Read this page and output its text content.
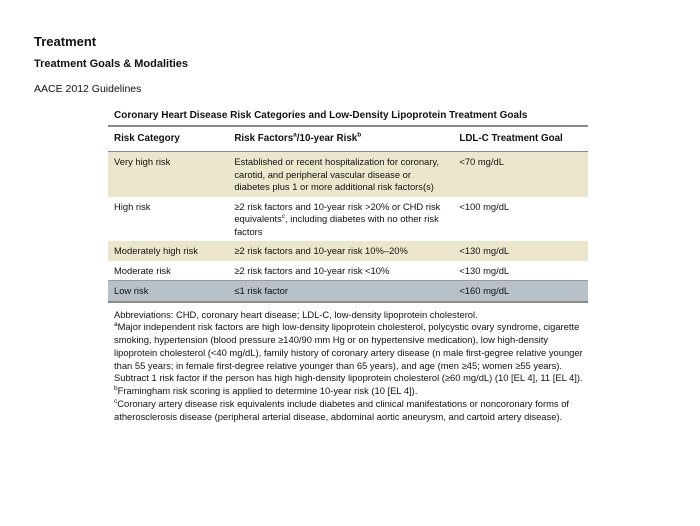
Treatment
Treatment Goals & Modalities
AACE 2012 Guidelines
Coronary Heart Disease Risk Categories and Low-Density Lipoprotein Treatment Goals
Risk Category	Risk Factors$^a$/10-year Risk$^b$	LDL-C Treatment Goal
Very high risk	Established or recent hospitalization for coronary, carotid, and peripheral vascular disease or diabetes plus 1 or more additional risk factors(s)	<70 mg/dL
High risk	≥2 risk factors and 10-year risk >20% or CHD risk equivalents$^c$, including diabetes with no other risk factors	<100 mg/dL
Moderately high risk	≥2 risk factors and 10-year risk 10%–20%	<130 mg/dL
Moderate risk	≥2 risk factors and 10-year risk <10%	<130 mg/dL
Low risk	≤1 risk factor	<160 mg/dL

Abbreviations: CHD, coronary heart disease; LDL-C, low-density lipoprotein cholesterol.

$^a$Major independent risk factors are high low-density lipoprotein cholesterol, polycystic ovary syndrome, cigarette smoking, hypertension (blood pressure ≥140/90 mm Hg or on hypertensive medication), low high-density lipoprotein cholesterol (<40 mg/dL), family history of coronary artery disease (n male first-gegree relative younger than 55 years; in female first-degree relative younger than 65 years), and age (men ≥45; women ≥55 years). Subtract 1 risk factor if the person has high high-density lipoprotein cholesterol (≥60 mg/dL) (10 [EL 4], 11 [EL 4]).

$^b$Framingham risk scoring is applied to determine 10-year risk (10 [EL 4]).

$^c$Coronary artery disease risk equivalents include diabetes and clinical manifestations or noncoronary forms of atherosclerosis disease (peripheral arterial disease, abdominal aortic aneurysm, and cartoid artery disease).
